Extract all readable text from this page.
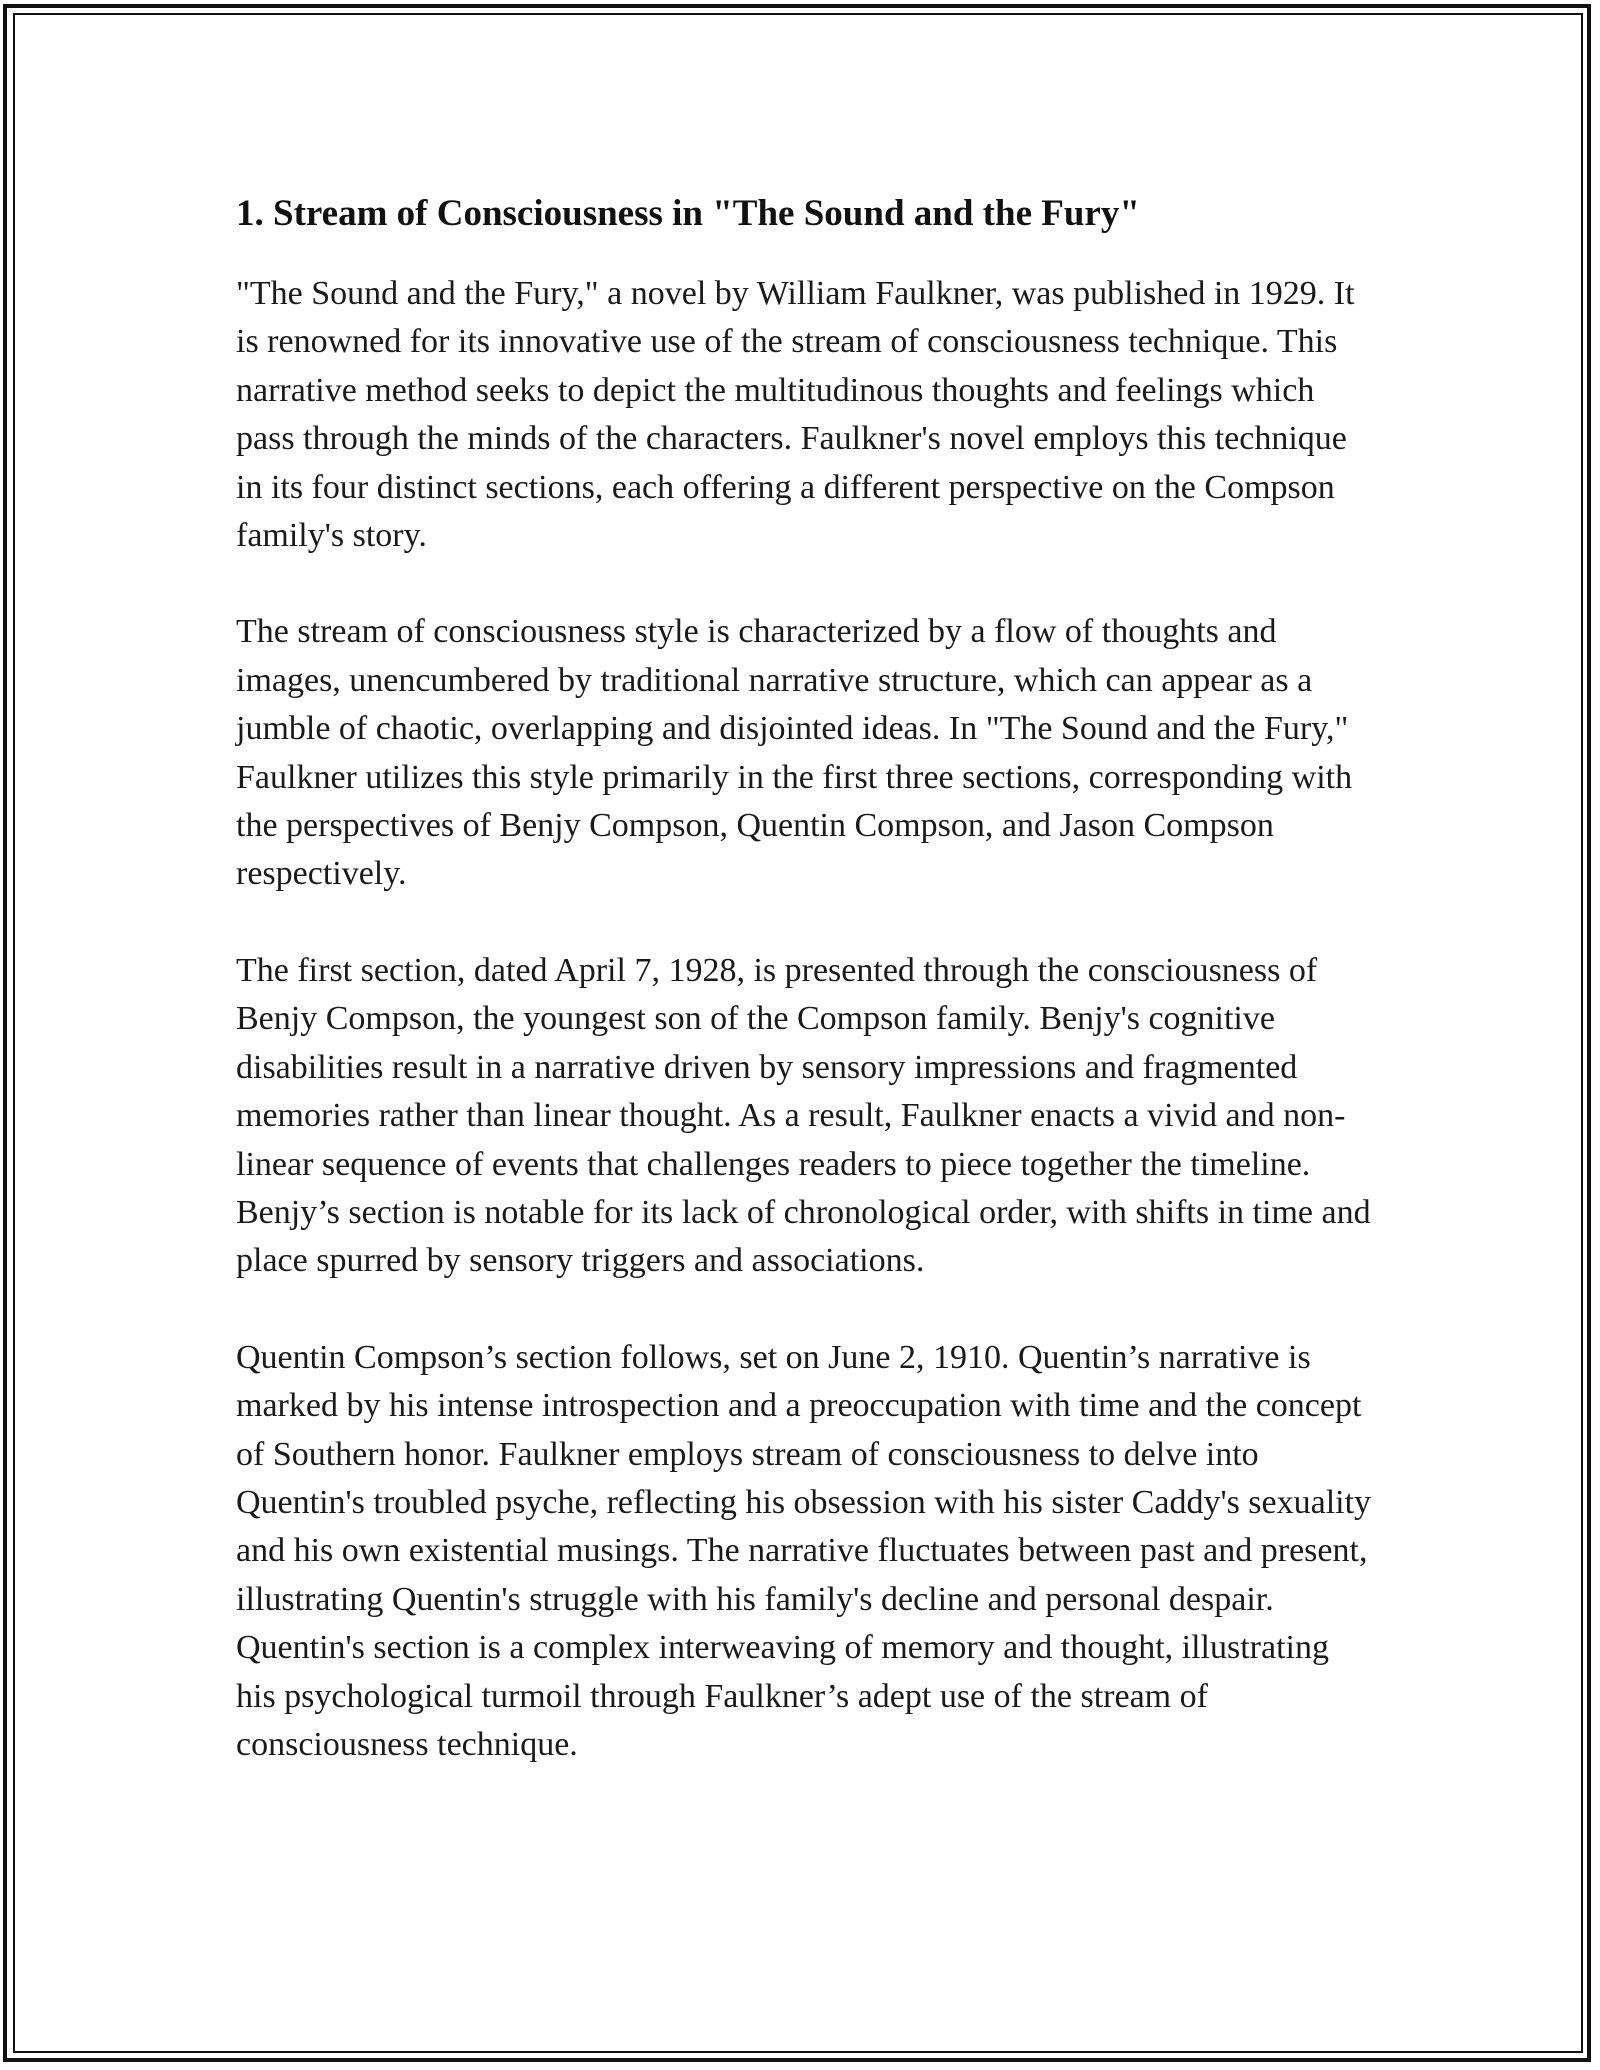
1. Stream of Consciousness in "The Sound and the Fury"

"The Sound and the Fury," a novel by William Faulkner, was published in 1929. It is renowned for its innovative use of the stream of consciousness technique. This narrative method seeks to depict the multitudinous thoughts and feelings which pass through the minds of the characters. Faulkner's novel employs this technique in its four distinct sections, each offering a different perspective on the Compson family's story.

The stream of consciousness style is characterized by a flow of thoughts and images, unencumbered by traditional narrative structure, which can appear as a jumble of chaotic, overlapping and disjointed ideas. In "The Sound and the Fury," Faulkner utilizes this style primarily in the first three sections, corresponding with the perspectives of Benjy Compson, Quentin Compson, and Jason Compson respectively.

The first section, dated April 7, 1928, is presented through the consciousness of Benjy Compson, the youngest son of the Compson family. Benjy's cognitive disabilities result in a narrative driven by sensory impressions and fragmented memories rather than linear thought. As a result, Faulkner enacts a vivid and non-linear sequence of events that challenges readers to piece together the timeline. Benjy’s section is notable for its lack of chronological order, with shifts in time and place spurred by sensory triggers and associations.

Quentin Compson’s section follows, set on June 2, 1910. Quentin’s narrative is marked by his intense introspection and a preoccupation with time and the concept of Southern honor. Faulkner employs stream of consciousness to delve into Quentin's troubled psyche, reflecting his obsession with his sister Caddy's sexuality and his own existential musings. The narrative fluctuates between past and present, illustrating Quentin's struggle with his family's decline and personal despair. Quentin's section is a complex interweaving of memory and thought, illustrating his psychological turmoil through Faulkner’s adept use of the stream of consciousness technique.
